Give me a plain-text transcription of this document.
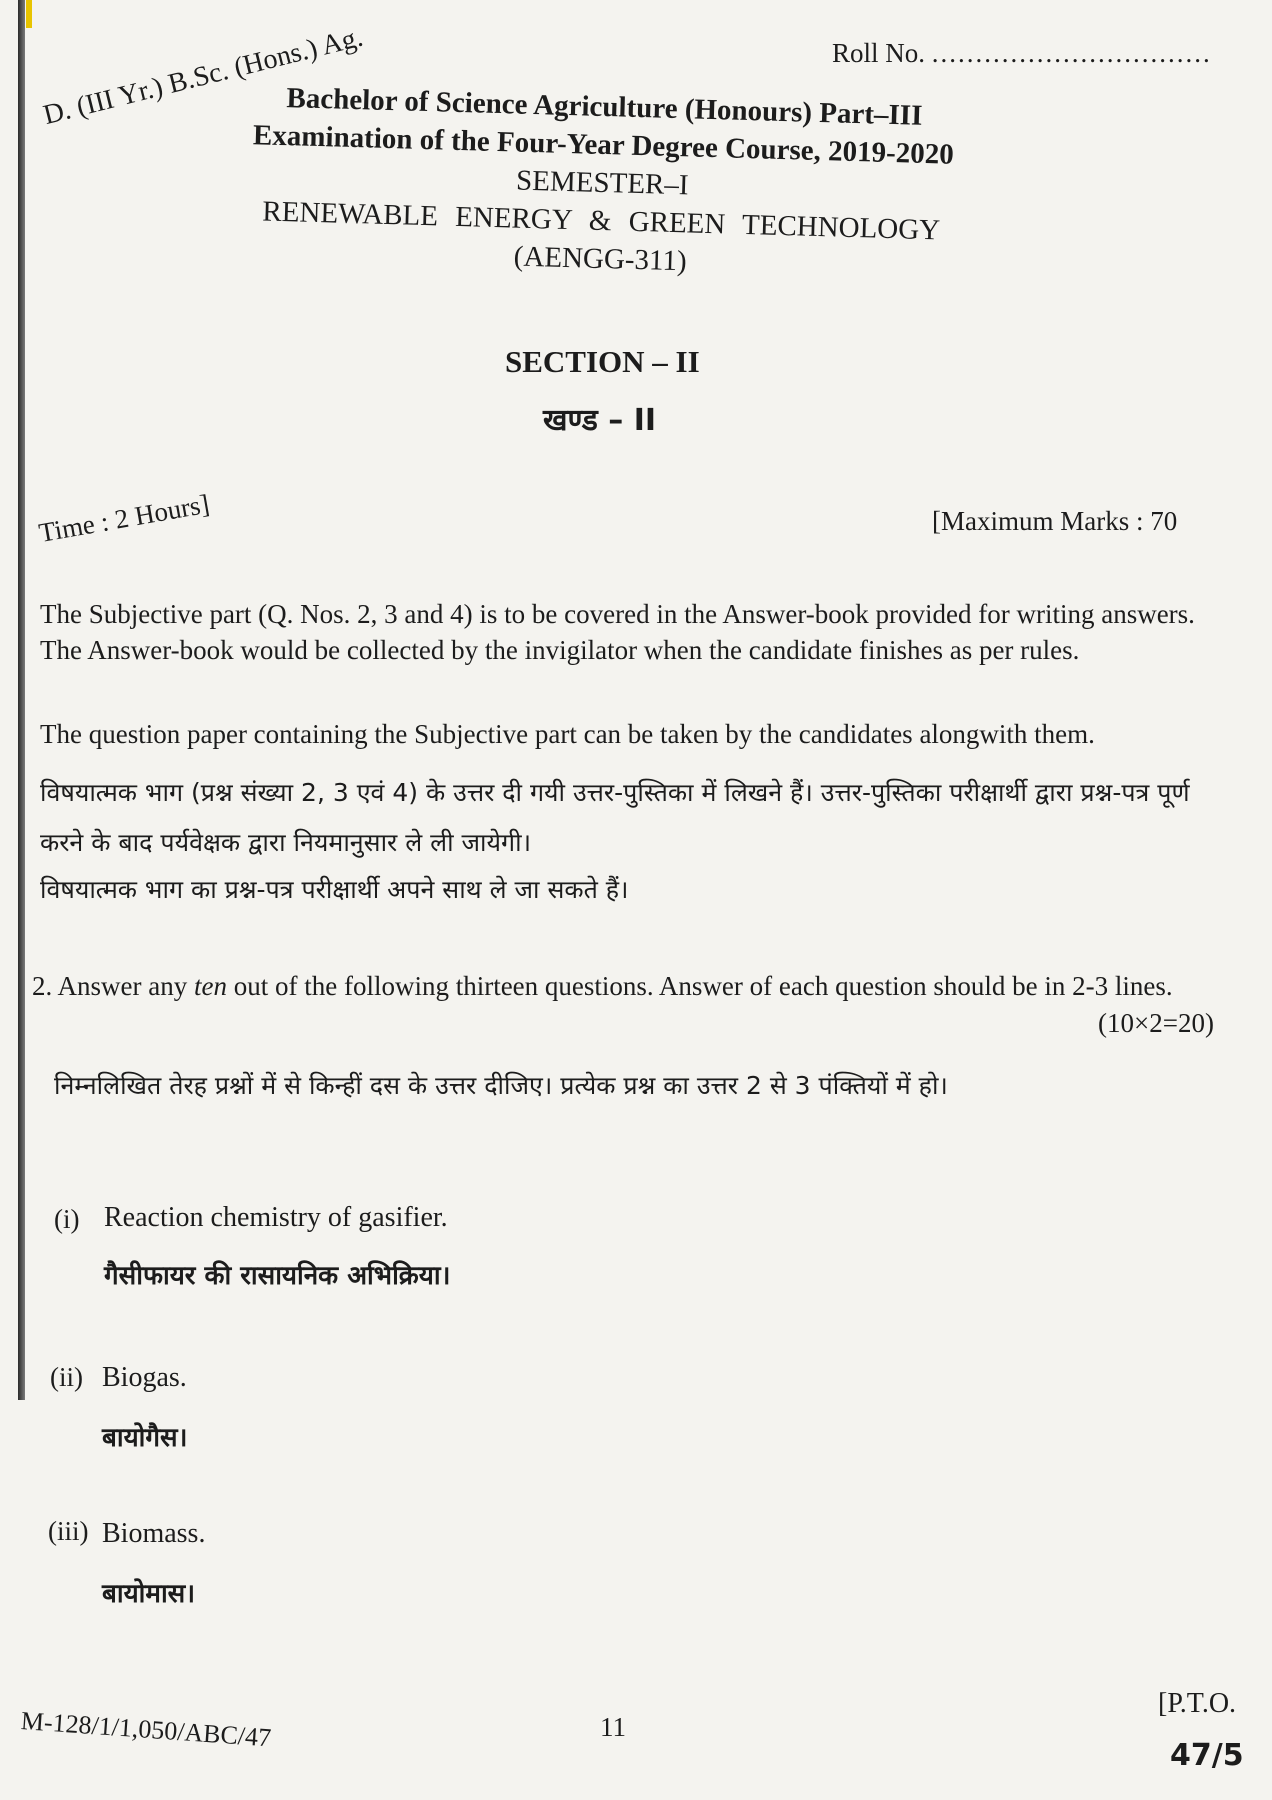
Roll No. ................................
D. (III Yr.) B.Sc. (Hons.) Ag.
Bachelor of Science Agriculture (Honours) Part–III
Examination of the Four-Year Degree Course, 2019-2020
SEMESTER–I
RENEWABLE ENERGY & GREEN TECHNOLOGY
(AENGG-311)
SECTION – II
खण्ड – II
Time : 2 Hours]	[Maximum Marks : 70
The Subjective part (Q. Nos. 2, 3 and 4) is to be covered in the Answer-book provided for writing answers. The Answer-book would be collected by the invigilator when the candidate finishes as per rules.
The question paper containing the Subjective part can be taken by the candidates alongwith them.
विषयात्मक भाग (प्रश्न संख्या 2, 3 एवं 4) के उत्तर दी गयी उत्तर-पुस्तिका में लिखने हैं। उत्तर-पुस्तिका परीक्षार्थी द्वारा प्रश्न-पत्र पूर्ण करने के बाद पर्यवेक्षक द्वारा नियमानुसार ले ली जायेगी।
विषयात्मक भाग का प्रश्न-पत्र परीक्षार्थी अपने साथ ले जा सकते हैं।
2. Answer any ten out of the following thirteen questions. Answer of each question should be in 2-3 lines.
(10×2=20)
निम्नलिखित तेरह प्रश्नों में से किन्हीं दस के उत्तर दीजिए। प्रत्येक प्रश्न का उत्तर 2 से 3 पंक्तियों में हो।
(i) Reaction chemistry of gasifier.
गैसीफायर की रासायनिक अभिक्रिया।
(ii) Biogas.
बायोगैस।
(iii) Biomass.
बायोमास।
M-128/1/1,050/ABC/47	11
[P.T.O.
47/5
